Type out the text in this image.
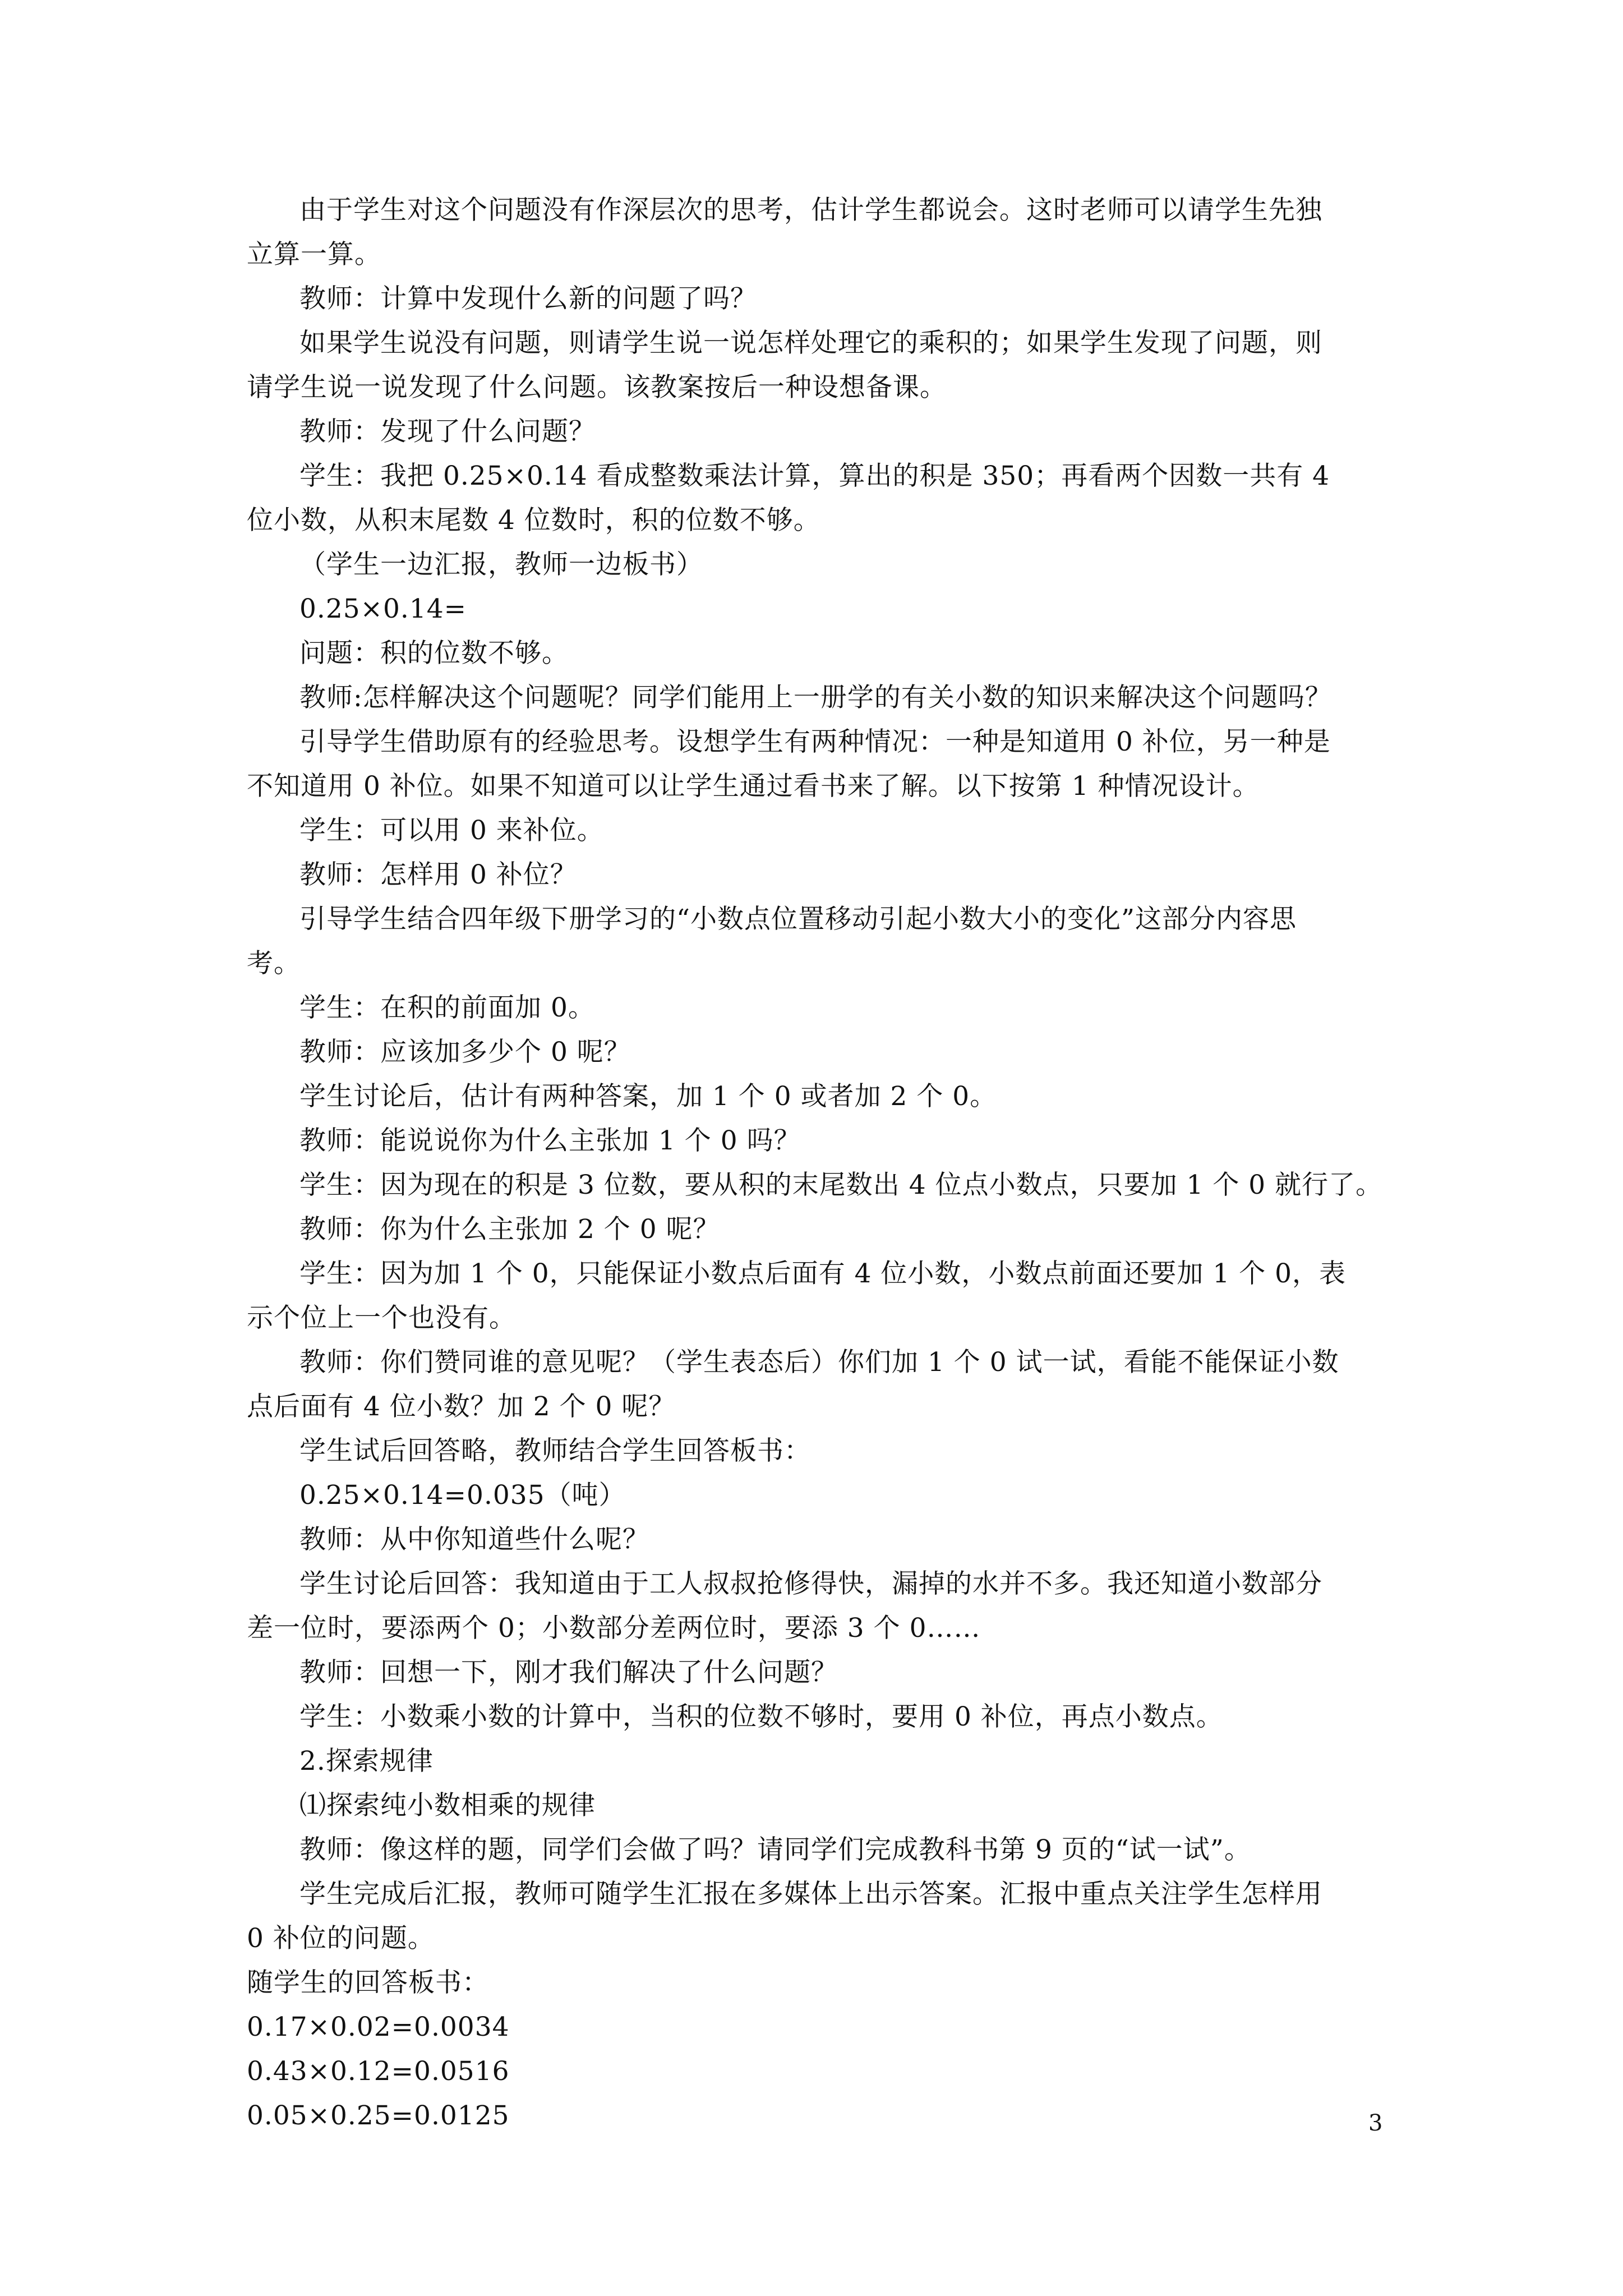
由于学生对这个问题没有作深层次的思考，估计学生都说会。这时老师可以请学生先独
立算一算。
教师：计算中发现什么新的问题了吗？
如果学生说没有问题，则请学生说一说怎样处理它的乘积的；如果学生发现了问题，则
请学生说一说发现了什么问题。该教案按后一种设想备课。
教师：发现了什么问题？
学生：我把 0.25×0.14 看成整数乘法计算，算出的积是 350；再看两个因数一共有 4
位小数，从积末尾数 4 位数时，积的位数不够。
（学生一边汇报，教师一边板书）
0.25×0.14=
问题：积的位数不够。
教师:怎样解决这个问题呢？同学们能用上一册学的有关小数的知识来解决这个问题吗？
引导学生借助原有的经验思考。设想学生有两种情况：一种是知道用 0 补位，另一种是
不知道用 0 补位。如果不知道可以让学生通过看书来了解。以下按第 1 种情况设计。
学生：可以用 0 来补位。
教师：怎样用 0 补位？
引导学生结合四年级下册学习的“小数点位置移动引起小数大小的变化”这部分内容思
考。
学生：在积的前面加 0。
教师：应该加多少个 0 呢？
学生讨论后，估计有两种答案，加 1 个 0 或者加 2 个 0。
教师：能说说你为什么主张加 1 个 0 吗？
学生：因为现在的积是 3 位数，要从积的末尾数出 4 位点小数点，只要加 1 个 0 就行了。
教师：你为什么主张加 2 个 0 呢？
学生：因为加 1 个 0，只能保证小数点后面有 4 位小数，小数点前面还要加 1 个 0，表
示个位上一个也没有。
教师：你们赞同谁的意见呢？（学生表态后）你们加 1 个 0 试一试，看能不能保证小数
点后面有 4 位小数？加 2 个 0 呢？
学生试后回答略，教师结合学生回答板书：
0.25×0.14=0.035（吨）
教师：从中你知道些什么呢？
学生讨论后回答：我知道由于工人叔叔抢修得快，漏掉的水并不多。我还知道小数部分
差一位时，要添两个 0；小数部分差两位时，要添 3 个 0……
教师：回想一下，刚才我们解决了什么问题？
学生：小数乘小数的计算中，当积的位数不够时，要用 0 补位，再点小数点。
2.探索规律
⑴探索纯小数相乘的规律
教师：像这样的题，同学们会做了吗？请同学们完成教科书第 9 页的“试一试”。
学生完成后汇报，教师可随学生汇报在多媒体上出示答案。汇报中重点关注学生怎样用
0 补位的问题。
随学生的回答板书：
0.17×0.02=0.0034
0.43×0.12=0.0516
0.05×0.25=0.0125	3
